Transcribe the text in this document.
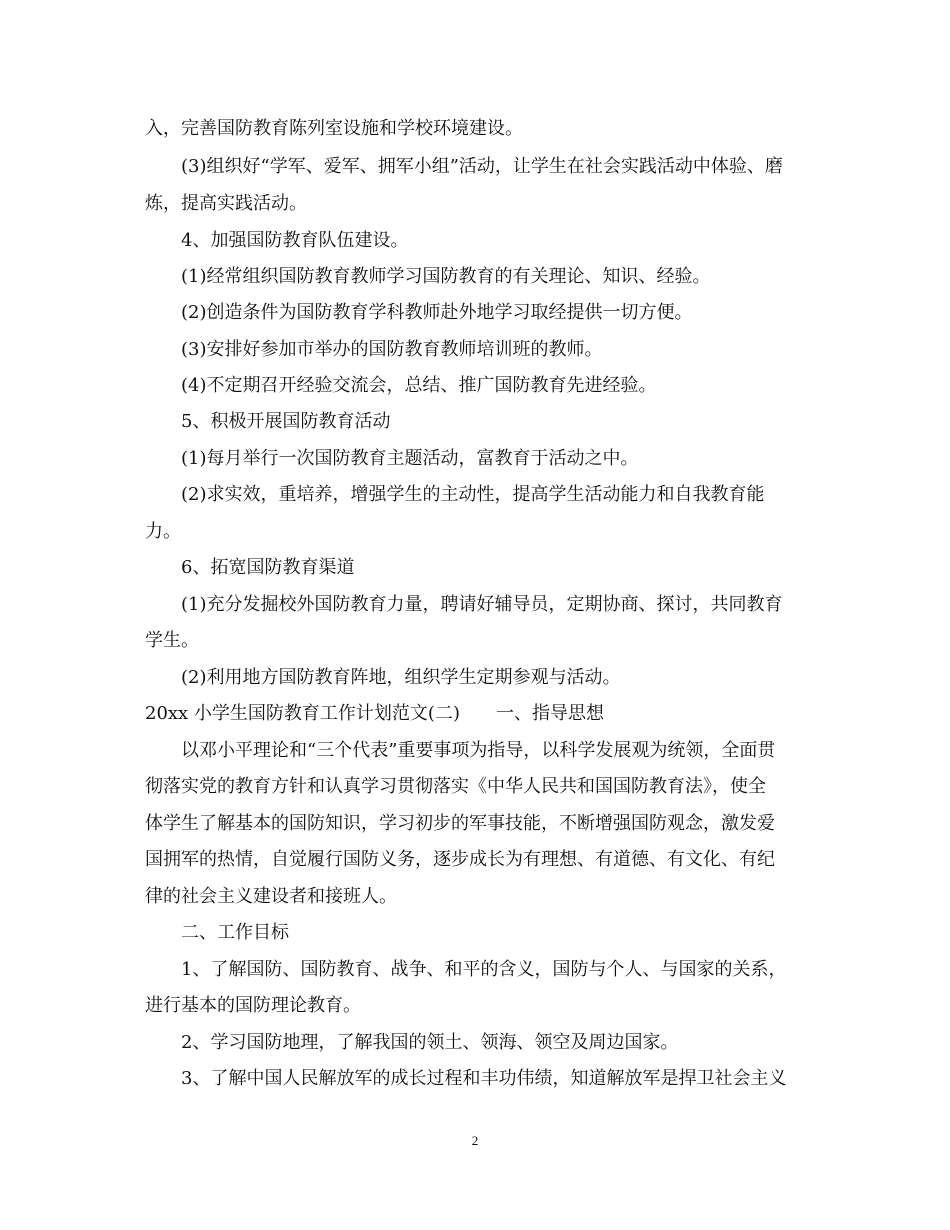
入，完善国防教育陈列室设施和学校环境建设。
(3)组织好“学军、爱军、拥军小组”活动，让学生在社会实践活动中体验、磨
炼，提高实践活动。
4、加强国防教育队伍建设。
(1)经常组织国防教育教师学习国防教育的有关理论、知识、经验。
(2)创造条件为国防教育学科教师赴外地学习取经提供一切方便。
(3)安排好参加市举办的国防教育教师培训班的教师。
(4)不定期召开经验交流会，总结、推广国防教育先进经验。
5、积极开展国防教育活动
(1)每月举行一次国防教育主题活动，富教育于活动之中。
(2)求实效，重培养，增强学生的主动性，提高学生活动能力和自我教育能
力。
6、拓宽国防教育渠道
(1)充分发掘校外国防教育力量，聘请好辅导员，定期协商、探讨，共同教育
学生。
(2)利用地方国防教育阵地，组织学生定期参观与活动。
20xx 小学生国防教育工作计划范文(二)　　一、指导思想
以邓小平理论和“三个代表”重要事项为指导，以科学发展观为统领，全面贯
彻落实党的教育方针和认真学习贯彻落实《中华人民共和国国防教育法》，使全
体学生了解基本的国防知识，学习初步的军事技能，不断增强国防观念，激发爱
国拥军的热情，自觉履行国防义务，逐步成长为有理想、有道德、有文化、有纪
律的社会主义建设者和接班人。
二、工作目标
1、了解国防、国防教育、战争、和平的含义，国防与个人、与国家的关系，
进行基本的国防理论教育。
2、学习国防地理，了解我国的领土、领海、领空及周边国家。
3、了解中国人民解放军的成长过程和丰功伟绩，知道解放军是捍卫社会主义
2
